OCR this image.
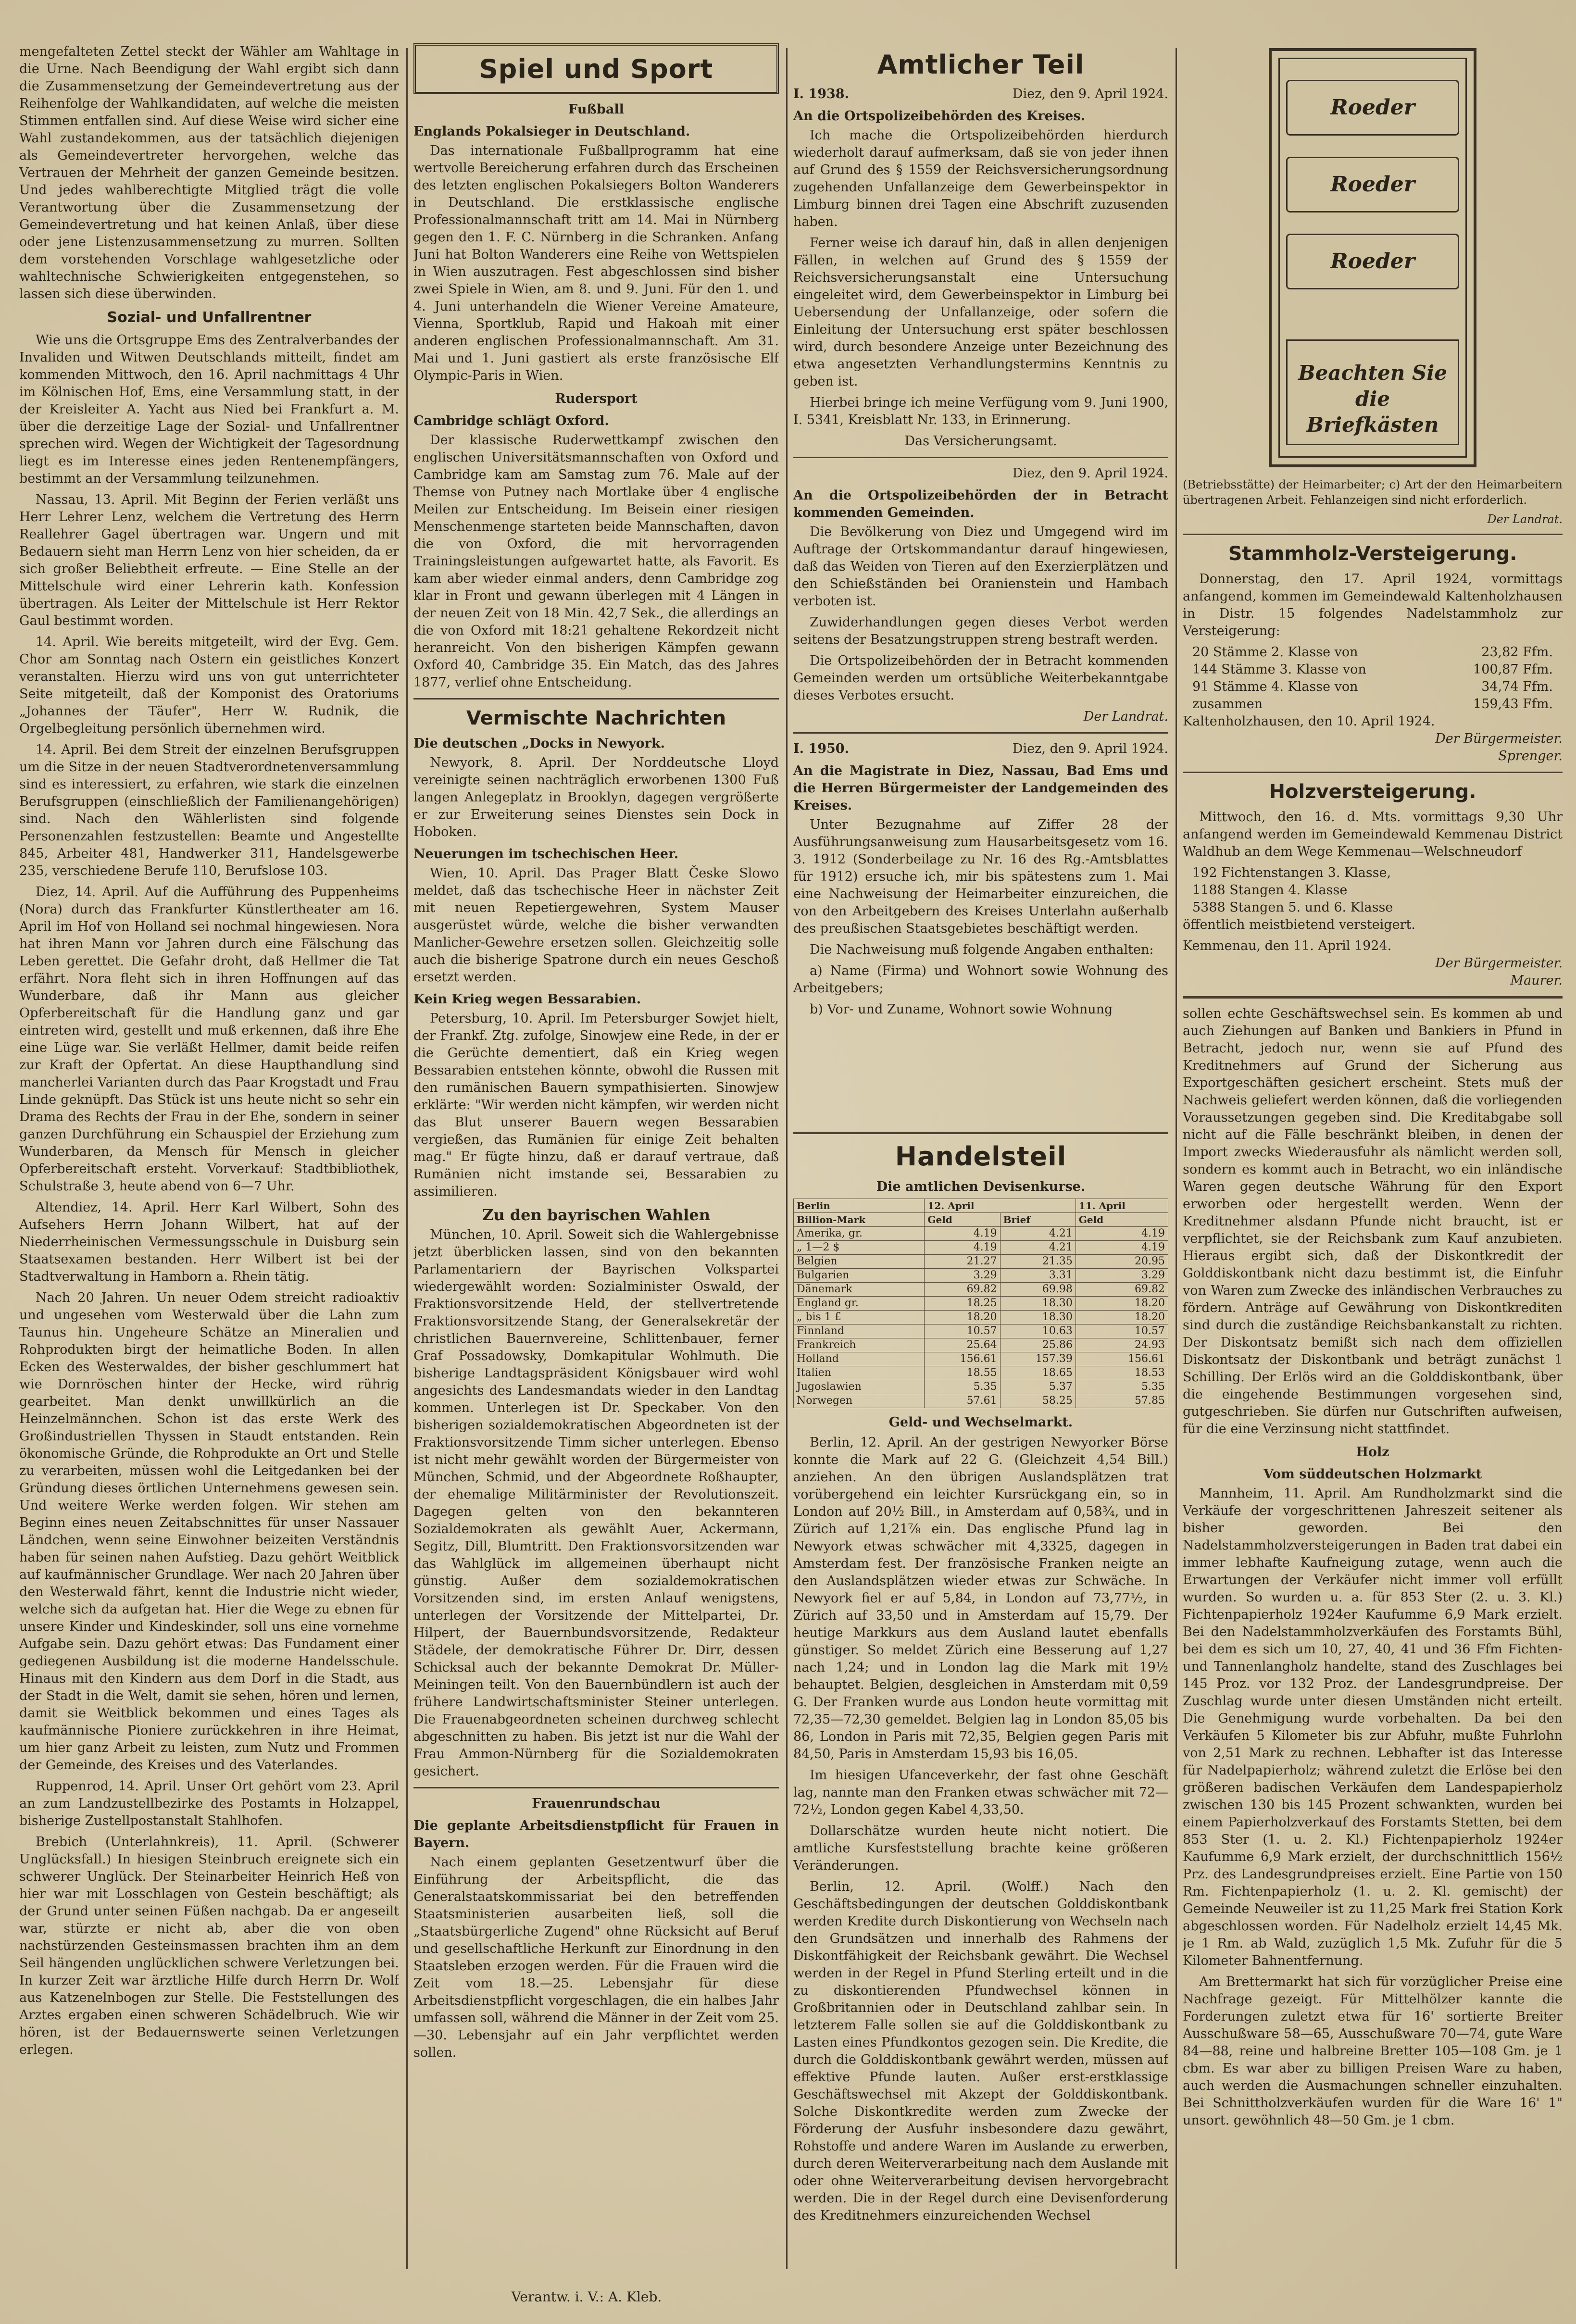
mengefalteten Zettel steckt der Wähler am Wahltage in die Urne. Nach Beendigung der Wahl ergibt sich dann die Zusammensetzung der Gemeindevertretung aus der Reihenfolge der Wahlkandidaten, auf welche die meisten Stimmen entfallen sind. Auf diese Weise wird sicher eine Wahl zustandekommen, aus der tatsächlich diejenigen als Gemeindevertreter hervorgehen, welche das Vertrauen der Mehrheit der ganzen Gemeinde besitzen. Und jedes wahlberechtigte Mitglied trägt die volle Verantwortung über die Zusammensetzung der Gemeindevertretung und hat keinen Anlaß, über diese oder jene Listenzusammensetzung zu murren. Sollten dem vorstehenden Vorschlage wahlgesetzliche oder wahltechnische Schwierigkeiten entgegenstehen, so lassen sich diese überwinden.

Sozial- und Unfallrentner

Wie uns die Ortsgruppe Ems des Zentralverbandes der Invaliden und Witwen Deutschlands mitteilt, findet am kommenden Mittwoch, den 16. April nachmittags 4 Uhr im Kölnischen Hof, Ems, eine Versammlung statt, in der der Kreisleiter A. Yacht aus Nied bei Frankfurt a. M. über die derzeitige Lage der Sozial- und Unfallrentner sprechen wird. Wegen der Wichtigkeit der Tagesordnung liegt es im Interesse eines jeden Rentenempfängers, bestimmt an der Versammlung teilzunehmen.

Nassau, 13. April. Mit Beginn der Ferien verläßt uns Herr Lehrer Lenz, welchem die Vertretung des Herrn Reallehrer Gagel übertragen war. Ungern und mit Bedauern sieht man Herrn Lenz von hier scheiden, da er sich großer Beliebtheit erfreute. — Eine Stelle an der Mittelschule wird einer Lehrerin kath. Konfession übertragen. Als Leiter der Mittelschule ist Herr Rektor Gaul bestimmt worden.

14. April. Wie bereits mitgeteilt, wird der Evg. Gem. Chor am Sonntag nach Ostern ein geistliches Konzert veranstalten. Hierzu wird uns von gut unterrichteter Seite mitgeteilt, daß der Komponist des Oratoriums „Johannes der Täufer", Herr W. Rudnik, die Orgelbegleitung persönlich übernehmen wird.

14. April. Bei dem Streit der einzelnen Berufsgruppen um die Sitze in der neuen Stadtverordnetenversammlung sind es interessiert, zu erfahren, wie stark die einzelnen Berufsgruppen (einschließlich der Familienangehörigen) sind. Nach den Wählerlisten sind folgende Personenzahlen festzustellen: Beamte und Angestellte 845, Arbeiter 481, Handwerker 311, Handelsgewerbe 235, verschiedene Berufe 110, Berufslose 103.

Diez, 14. April. Auf die Aufführung des Puppenheims (Nora) durch das Frankfurter Künstlertheater am 16. April im Hof von Holland sei nochmal hingewiesen. Nora hat ihren Mann vor Jahren durch eine Fälschung das Leben gerettet. Die Gefahr droht, daß Hellmer die Tat erfährt. Nora fleht sich in ihren Hoffnungen auf das Wunderbare, daß ihr Mann aus gleicher Opferbereitschaft für die Handlung ganz und gar eintreten wird, gestellt und muß erkennen, daß ihre Ehe eine Lüge war. Sie verläßt Hellmer, damit beide reifen zur Kraft der Opfertat. An diese Haupthandlung sind mancherlei Varianten durch das Paar Krogstadt und Frau Linde geknüpft. Das Stück ist uns heute nicht so sehr ein Drama des Rechts der Frau in der Ehe, sondern in seiner ganzen Durchführung ein Schauspiel der Erziehung zum Wunderbaren, da Mensch für Mensch in gleicher Opferbereitschaft ersteht. Vorverkauf: Stadtbibliothek, Schulstraße 3, heute abend von 6—7 Uhr.

Altendiez, 14. April. Herr Karl Wilbert, Sohn des Aufsehers Herrn Johann Wilbert, hat auf der Niederrheinischen Vermessungsschule in Duisburg sein Staatsexamen bestanden. Herr Wilbert ist bei der Stadtverwaltung in Hamborn a. Rhein tätig.

Nach 20 Jahren. Un neuer Odem streicht radioaktiv und ungesehen vom Westerwald über die Lahn zum Taunus hin. Ungeheure Schätze an Mineralien und Rohprodukten birgt der heimatliche Boden. In allen Ecken des Westerwaldes, der bisher geschlummert hat wie Dornröschen hinter der Hecke, wird rührig gearbeitet. Man denkt unwillkürlich an die Heinzelmännchen. Schon ist das erste Werk des Großindustriellen Thyssen in Staudt entstanden. Rein ökonomische Gründe, die Rohprodukte an Ort und Stelle zu verarbeiten, müssen wohl die Leitgedanken bei der Gründung dieses örtlichen Unternehmens gewesen sein. Und weitere Werke werden folgen. Wir stehen am Beginn eines neuen Zeitabschnittes für unser Nassauer Ländchen, wenn seine Einwohner beizeiten Verständnis haben für seinen nahen Aufstieg. Dazu gehört Weitblick auf kaufmännischer Grundlage. Wer nach 20 Jahren über den Westerwald fährt, kennt die Industrie nicht wieder, welche sich da aufgetan hat. Hier die Wege zu ebnen für unsere Kinder und Kindeskinder, soll uns eine vornehme Aufgabe sein. Dazu gehört etwas: Das Fundament einer gediegenen Ausbildung ist die moderne Handelsschule. Hinaus mit den Kindern aus dem Dorf in die Stadt, aus der Stadt in die Welt, damit sie sehen, hören und lernen, damit sie Weitblick bekommen und eines Tages als kaufmännische Pioniere zurückkehren in ihre Heimat, um hier ganz Arbeit zu leisten, zum Nutz und Frommen der Gemeinde, des Kreises und des Vaterlandes.

Ruppenrod, 14. April. Unser Ort gehört vom 23. April an zum Landzustellbezirke des Postamts in Holzappel, bisherige Zustellpostanstalt Stahlhofen.

Brebich (Unterlahnkreis), 11. April. (Schwerer Unglücksfall.) In hiesigen Steinbruch ereignete sich ein schwerer Unglück. Der Steinarbeiter Heinrich Heß von hier war mit Losschlagen von Gestein beschäftigt; als der Grund unter seinen Füßen nachgab. Da er angeseilt war, stürzte er nicht ab, aber die von oben nachstürzenden Gesteinsmassen brachten ihm an dem Seil hängenden unglücklichen schwere Verletzungen bei. In kurzer Zeit war ärztliche Hilfe durch Herrn Dr. Wolf aus Katzenelnbogen zur Stelle. Die Feststellungen des Arztes ergaben einen schweren Schädelbruch. Wie wir hören, ist der Bedauernswerte seinen Verletzungen erlegen.

Spiel und Sport
Fußball
Englands Pokalsieger in Deutschland.

Das internationale Fußballprogramm hat eine wertvolle Bereicherung erfahren durch das Erscheinen des letzten englischen Pokalsiegers Bolton Wanderers in Deutschland. Die erstklassische englische Professionalmannschaft tritt am 14. Mai in Nürnberg gegen den 1. F. C. Nürnberg in die Schranken. Anfang Juni hat Bolton Wanderers eine Reihe von Wettspielen in Wien auszutragen. Fest abgeschlossen sind bisher zwei Spiele in Wien, am 8. und 9. Juni. Für den 1. und 4. Juni unterhandeln die Wiener Vereine Amateure, Vienna, Sportklub, Rapid und Hakoah mit einer anderen englischen Professionalmannschaft. Am 31. Mai und 1. Juni gastiert als erste französische Elf Olympic-Paris in Wien.

Rudersport
Cambridge schlägt Oxford.

Der klassische Ruderwettkampf zwischen den englischen Universitätsmannschaften von Oxford und Cambridge kam am Samstag zum 76. Male auf der Themse von Putney nach Mortlake über 4 englische Meilen zur Entscheidung. Im Beisein einer riesigen Menschenmenge starteten beide Mannschaften, davon die von Oxford, die mit hervorragenden Trainingsleistungen aufgewartet hatte, als Favorit. Es kam aber wieder einmal anders, denn Cambridge zog klar in Front und gewann überlegen mit 4 Längen in der neuen Zeit von 18 Min. 42,7 Sek., die allerdings an die von Oxford mit 18:21 gehaltene Rekordzeit nicht heranreicht. Von den bisherigen Kämpfen gewann Oxford 40, Cambridge 35. Ein Match, das des Jahres 1877, verlief ohne Entscheidung.

Vermischte Nachrichten
Die deutschen „Docks in Newyork.

Newyork, 8. April. Der Norddeutsche Lloyd vereinigte seinen nachträglich erworbenen 1300 Fuß langen Anlegeplatz in Brooklyn, dagegen vergrößerte er zur Erweiterung seines Dienstes sein Dock in Hoboken.

Neuerungen im tschechischen Heer.

Wien, 10. April. Das Prager Blatt Česke Slowo meldet, daß das tschechische Heer in nächster Zeit mit neuen Repetiergewehren, System Mauser ausgerüstet würde, welche die bisher verwandten Manlicher-Gewehre ersetzen sollen. Gleichzeitig solle auch die bisherige Spatrone durch ein neues Geschoß ersetzt werden.

Kein Krieg wegen Bessarabien.

Petersburg, 10. April. Im Petersburger Sowjet hielt, der Frankf. Ztg. zufolge, Sinowjew eine Rede, in der er die Gerüchte dementiert, daß ein Krieg wegen Bessarabien entstehen könnte, obwohl die Russen mit den rumänischen Bauern sympathisierten. Sinowjew erklärte: "Wir werden nicht kämpfen, wir werden nicht das Blut unserer Bauern wegen Bessarabien vergießen, das Rumänien für einige Zeit behalten mag." Er fügte hinzu, daß er darauf vertraue, daß Rumänien nicht imstande sei, Bessarabien zu assimilieren.

Zu den bayrischen Wahlen

München, 10. April. Soweit sich die Wahlergebnisse jetzt überblicken lassen, sind von den bekannten Parlamentariern der Bayrischen Volkspartei wiedergewählt worden: Sozialminister Oswald, der Fraktionsvorsitzende Held, der stellvertretende Fraktionsvorsitzende Stang, der Generalsekretär der christlichen Bauernvereine, Schlittenbauer, ferner Graf Possadowsky, Domkapitular Wohlmuth. Die bisherige Landtagspräsident Königsbauer wird wohl angesichts des Landesmandats wieder in den Landtag kommen. Unterlegen ist Dr. Speckaber. Von den bisherigen sozialdemokratischen Abgeordneten ist der Fraktionsvorsitzende Timm sicher unterlegen. Ebenso ist nicht mehr gewählt worden der Bürgermeister von München, Schmid, und der Abgeordnete Roßhaupter, der ehemalige Militärminister der Revolutionszeit. Dagegen gelten von den bekannteren Sozialdemokraten als gewählt Auer, Ackermann, Segitz, Dill, Blumtritt. Den Fraktionsvorsitzenden war das Wahlglück im allgemeinen überhaupt nicht günstig. Außer dem sozialdemokratischen Vorsitzenden sind, im ersten Anlauf wenigstens, unterlegen der Vorsitzende der Mittelpartei, Dr. Hilpert, der Bauernbundsvorsitzende, Redakteur Städele, der demokratische Führer Dr. Dirr, dessen Schicksal auch der bekannte Demokrat Dr. Müller-Meiningen teilt. Von den Bauernbündlern ist auch der frühere Landwirtschaftsminister Steiner unterlegen. Die Frauenabgeordneten scheinen durchweg schlecht abgeschnitten zu haben. Bis jetzt ist nur die Wahl der Frau Ammon-Nürnberg für die Sozialdemokraten gesichert.

Frauenrundschau
Die geplante Arbeitsdienstpflicht für Frauen in Bayern.

Nach einem geplanten Gesetzentwurf über die Einführung der Arbeitspflicht, die das Generalstaatskommissariat bei den betreffenden Staatsministerien ausarbeiten ließ, soll die „Staatsbürgerliche Zugend" ohne Rücksicht auf Beruf und gesellschaftliche Herkunft zur Einordnung in den Staatsleben erzogen werden. Für die Frauen wird die Zeit vom 18.—25. Lebensjahr für diese Arbeitsdienstpflicht vorgeschlagen, die ein halbes Jahr umfassen soll, während die Männer in der Zeit vom 25.—30. Lebensjahr auf ein Jahr verpflichtet werden sollen.

Amtlicher Teil
I. 1938.	Diez, den 9. April 1924.
An die Ortspolizeibehörden des Kreises.

Ich mache die Ortspolizeibehörden hierdurch wiederholt darauf aufmerksam, daß sie von jeder ihnen auf Grund des § 1559 der Reichsversicherungsordnung zugehenden Unfallanzeige dem Gewerbeinspektor in Limburg binnen drei Tagen eine Abschrift zuzusenden haben.

Ferner weise ich darauf hin, daß in allen denjenigen Fällen, in welchen auf Grund des § 1559 der Reichsversicherungsanstalt eine Untersuchung eingeleitet wird, dem Gewerbeinspektor in Limburg bei Uebersendung der Unfallanzeige, oder sofern die Einleitung der Untersuchung erst später beschlossen wird, durch besondere Anzeige unter Bezeichnung des etwa angesetzten Verhandlungstermins Kenntnis zu geben ist.

Hierbei bringe ich meine Verfügung vom 9. Juni 1900, I. 5341, Kreisblatt Nr. 133, in Erinnerung.

Das Versicherungsamt.
Diez, den 9. April 1924.
An die Ortspolizeibehörden der in Betracht kommenden Gemeinden.

Die Bevölkerung von Diez und Umgegend wird im Auftrage der Ortskommandantur darauf hingewiesen, daß das Weiden von Tieren auf den Exerzierplätzen und den Schießständen bei Oranienstein und Hambach verboten ist.

Zuwiderhandlungen gegen dieses Verbot werden seitens der Besatzungstruppen streng bestraft werden.

Die Ortspolizeibehörden der in Betracht kommenden Gemeinden werden um ortsübliche Weiterbekanntgabe dieses Verbotes ersucht.

Der Landrat.
I. 1950.	Diez, den 9. April 1924.
An die Magistrate in Diez, Nassau, Bad Ems und die Herren Bürgermeister der Landgemeinden des Kreises.

Unter Bezugnahme auf Ziffer 28 der Ausführungsanweisung zum Hausarbeitsgesetz vom 16. 3. 1912 (Sonderbeilage zu Nr. 16 des Rg.-Amtsblattes für 1912) ersuche ich, mir bis spätestens zum 1. Mai eine Nachweisung der Heimarbeiter einzureichen, die von den Arbeitgebern des Kreises Unterlahn außerhalb des preußischen Staatsgebietes beschäftigt werden.

Die Nachweisung muß folgende Angaben enthalten:

a) Name (Firma) und Wohnort sowie Wohnung des Arbeitgebers;

b) Vor- und Zuname, Wohnort sowie Wohnung

Handelsteil
Die amtlichen Devisenkurse.
Berlin	12. April		11. April
Billion-Mark	Geld	Brief	Geld
Amerika, gr.	4.19	4.21	4.19
„ 1—2 $	4.19	4.21	4.19
Belgien	21.27	21.35	20.95
Bulgarien	3.29	3.31	3.29
Dänemark	69.82	69.98	69.82
England gr.	18.25	18.30	18.20
„ bis 1 £	18.20	18.30	18.20
Finnland	10.57	10.63	10.57
Frankreich	25.64	25.86	24.93
Holland	156.61	157.39	156.61
Italien	18.55	18.65	18.53
Jugoslawien	5.35	5.37	5.35
Norwegen	57.61	58.25	57.85
Geld- und Wechselmarkt.

Berlin, 12. April. An der gestrigen Newyorker Börse konnte die Mark auf 22 G. (Gleichzeit 4,54 Bill.) anziehen. An den übrigen Auslandsplätzen trat vorübergehend ein leichter Kursrückgang ein, so in London auf 20½ Bill., in Amsterdam auf 0,58¾, und in Zürich auf 1,21⅞ ein. Das englische Pfund lag in Newyork etwas schwächer mit 4,3325, dagegen in Amsterdam fest. Der französische Franken neigte an den Auslandsplätzen wieder etwas zur Schwäche. In Newyork fiel er auf 5,84, in London auf 73,77½, in Zürich auf 33,50 und in Amsterdam auf 15,79. Der heutige Markkurs aus dem Ausland lautet ebenfalls günstiger. So meldet Zürich eine Besserung auf 1,27 nach 1,24; und in London lag die Mark mit 19½ behauptet. Belgien, desgleichen in Amsterdam mit 0,59 G. Der Franken wurde aus London heute vormittag mit 72,35—72,30 gemeldet. Belgien lag in London 85,05 bis 86, London in Paris mit 72,35, Belgien gegen Paris mit 84,50, Paris in Amsterdam 15,93 bis 16,05.

Im hiesigen Ufanceverkehr, der fast ohne Geschäft lag, nannte man den Franken etwas schwächer mit 72—72½, London gegen Kabel 4,33,50.

Dollarschätze wurden heute nicht notiert. Die amtliche Kursfeststellung brachte keine größeren Veränderungen.

Berlin, 12. April. (Wolff.) Nach den Geschäftsbedingungen der deutschen Golddiskontbank werden Kredite durch Diskontierung von Wechseln nach den Grundsätzen und innerhalb des Rahmens der Diskontfähigkeit der Reichsbank gewährt. Die Wechsel werden in der Regel in Pfund Sterling erteilt und in die zu diskontierenden Pfundwechsel können in Großbritannien oder in Deutschland zahlbar sein. In letzterem Falle sollen sie auf die Golddiskontbank zu Lasten eines Pfundkontos gezogen sein. Die Kredite, die durch die Golddiskontbank gewährt werden, müssen auf effektive Pfunde lauten. Außer erst-erstklassige Geschäftswechsel mit Akzept der Golddiskontbank. Solche Diskontkredite werden zum Zwecke der Förderung der Ausfuhr insbesondere dazu gewährt, Rohstoffe und andere Waren im Auslande zu erwerben, durch deren Weiterverarbeitung nach dem Auslande mit oder ohne Weiterverarbeitung devisen hervorgebracht werden. Die in der Regel durch eine Devisenforderung des Kreditnehmers einzureichenden Wechsel

Roeder
Roeder
Roeder
Beachten Sie die Briefkästen

(Betriebsstätte) der Heimarbeiter; c) Art der den Heimarbeitern übertragenen Arbeit. Fehlanzeigen sind nicht erforderlich.

Der Landrat.
Stammholz-Versteigerung.

Donnerstag, den 17. April 1924, vormittags anfangend, kommen im Gemeindewald Kaltenholzhausen in Distr. 15 folgendes Nadelstammholz zur Versteigerung:

20 Stämme 2. Klasse von	23,82 Ffm.
144 Stämme 3. Klasse von	100,87 Ffm.
91 Stämme 4. Klasse von	34,74 Ffm.
zusammen	159,43 Ffm.
Kaltenholzhausen, den 10. April 1924.
Der Bürgermeister.
Sprenger.
Holzversteigerung.

Mittwoch, den 16. d. Mts. vormittags 9,30 Uhr anfangend werden im Gemeindewald Kemmenau District Waldhub an dem Wege Kemmenau—Welschneudorf

192 Fichtenstangen 3. Klasse,
1188 Stangen 4. Klasse
5388 Stangen 5. und 6. Klasse

öffentlich meistbietend versteigert.

Kemmenau, den 11. April 1924.
Der Bürgermeister.
Maurer.

sollen echte Geschäftswechsel sein. Es kommen ab und auch Ziehungen auf Banken und Bankiers in Pfund in Betracht, jedoch nur, wenn sie auf Pfund des Kreditnehmers auf Grund der Sicherung aus Exportgeschäften gesichert erscheint. Stets muß der Nachweis geliefert werden können, daß die vorliegenden Voraussetzungen gegeben sind. Die Kreditabgabe soll nicht auf die Fälle beschränkt bleiben, in denen der Import zwecks Wiederausfuhr als nämlicht werden soll, sondern es kommt auch in Betracht, wo ein inländische Waren gegen deutsche Währung für den Export erworben oder hergestellt werden. Wenn der Kreditnehmer alsdann Pfunde nicht braucht, ist er verpflichtet, sie der Reichsbank zum Kauf anzubieten. Hieraus ergibt sich, daß der Diskontkredit der Golddiskontbank nicht dazu bestimmt ist, die Einfuhr von Waren zum Zwecke des inländischen Verbrauches zu fördern. Anträge auf Gewährung von Diskontkrediten sind durch die zuständige Reichsbankanstalt zu richten. Der Diskontsatz bemißt sich nach dem offiziellen Diskontsatz der Diskontbank und beträgt zunächst 1 Schilling. Der Erlös wird an die Golddiskontbank, über die eingehende Bestimmungen vorgesehen sind, gutgeschrieben. Sie dürfen nur Gutschriften aufweisen, für die eine Verzinsung nicht stattfindet.

Holz
Vom süddeutschen Holzmarkt

Mannheim, 11. April. Am Rundholzmarkt sind die Verkäufe der vorgeschrittenen Jahreszeit seitener als bisher geworden. Bei den Nadelstammholzversteigerungen in Baden trat dabei ein immer lebhafte Kaufneigung zutage, wenn auch die Erwartungen der Verkäufer nicht immer voll erfüllt wurden. So wurden u. a. für 853 Ster (2. u. 3. Kl.) Fichtenpapierholz 1924er Kaufumme 6,9 Mark erzielt. Bei den Nadelstammholzverkäufen des Forstamts Bühl, bei dem es sich um 10, 27, 40, 41 und 36 Ffm Fichten- und Tannenlangholz handelte, stand des Zuschlages bei 145 Proz. vor 132 Proz. der Landesgrundpreise. Der Zuschlag wurde unter diesen Umständen nicht erteilt. Die Genehmigung wurde vorbehalten. Da bei den Verkäufen 5 Kilometer bis zur Abfuhr, mußte Fuhrlohn von 2,51 Mark zu rechnen. Lebhafter ist das Interesse für Nadelpapierholz; während zuletzt die Erlöse bei den größeren badischen Verkäufen dem Landespapierholz zwischen 130 bis 145 Prozent schwankten, wurden bei einem Papierholzverkauf des Forstamts Stetten, bei dem 853 Ster (1. u. 2. Kl.) Fichtenpapierholz 1924er Kaufumme 6,9 Mark erzielt, der durchschnittlich 156½ Prz. des Landesgrundpreises erzielt. Eine Partie von 150 Rm. Fichtenpapierholz (1. u. 2. Kl. gemischt) der Gemeinde Neuweiler ist zu 11,25 Mark frei Station Kork abgeschlossen worden. Für Nadelholz erzielt 14,45 Mk. je 1 Rm. ab Wald, zuzüglich 1,5 Mk. Zufuhr für die 5 Kilometer Bahnentfernung.

Am Brettermarkt hat sich für vorzüglicher Preise eine Nachfrage gezeigt. Für Mittelhölzer kannte die Forderungen zuletzt etwa für 16' sortierte Breiter Ausschußware 58—65, Ausschußware 70—74, gute Ware 84—88, reine und halbreine Bretter 105—108 Gm. je 1 cbm. Es war aber zu billigen Preisen Ware zu haben, auch werden die Ausmachungen schneller einzuhalten. Bei Schnittholzverkäufen wurden für die Ware 16' 1" unsort. gewöhnlich 48—50 Gm. je 1 cbm.

Verantw. i. V.: A. Kleb.
